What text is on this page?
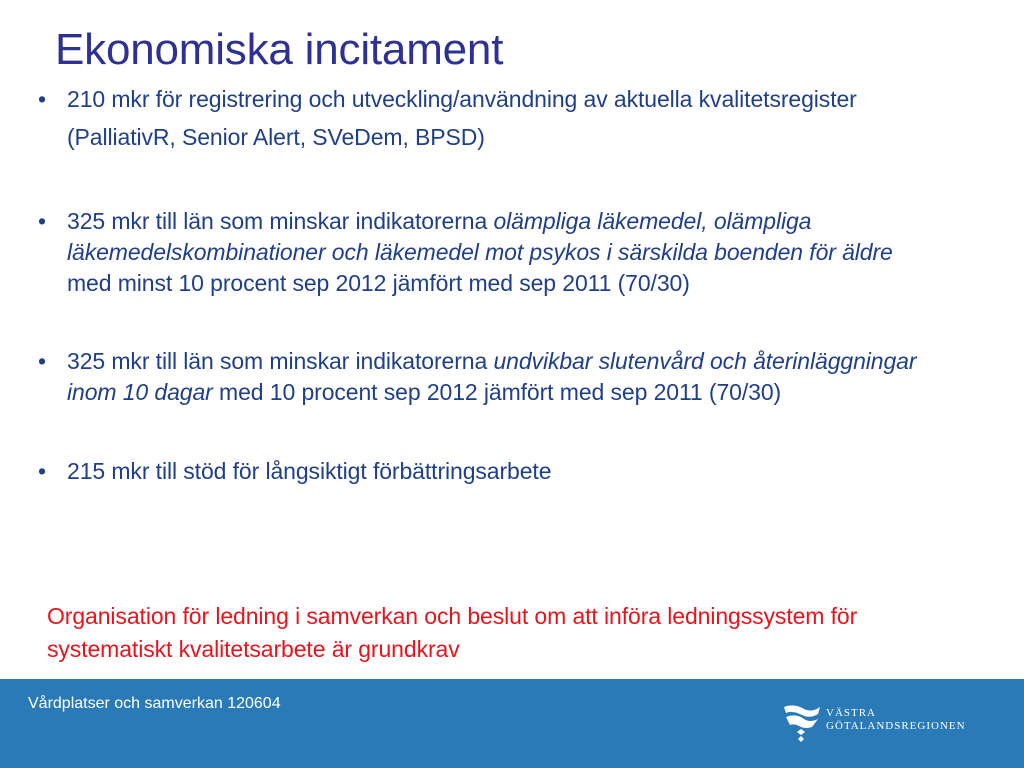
Ekonomiska incitament
• 210 mkr för registrering och utveckling/användning av aktuella kvalitetsregister (PalliativR, Senior Alert, SVeDem, BPSD)
• 325 mkr till län som minskar indikatorerna olämpliga läkemedel, olämpliga läkemedelskombinationer och läkemedel mot psykos i särskilda boenden för äldre med minst 10 procent sep 2012 jämfört med sep 2011 (70/30)
• 325 mkr till län som minskar indikatorerna undvikbar slutenvård och återinläggningar inom 10 dagar med 10 procent sep 2012 jämfört med sep 2011 (70/30)
• 215 mkr till stöd för långsiktigt förbättringsarbete

Organisation för ledning i samverkan och beslut om att införa ledningssystem för systematiskt kvalitetsarbete är grundkrav

Vårdplatser och samverkan 120604
VÄSTRA
GÖTALANDSREGIONEN
